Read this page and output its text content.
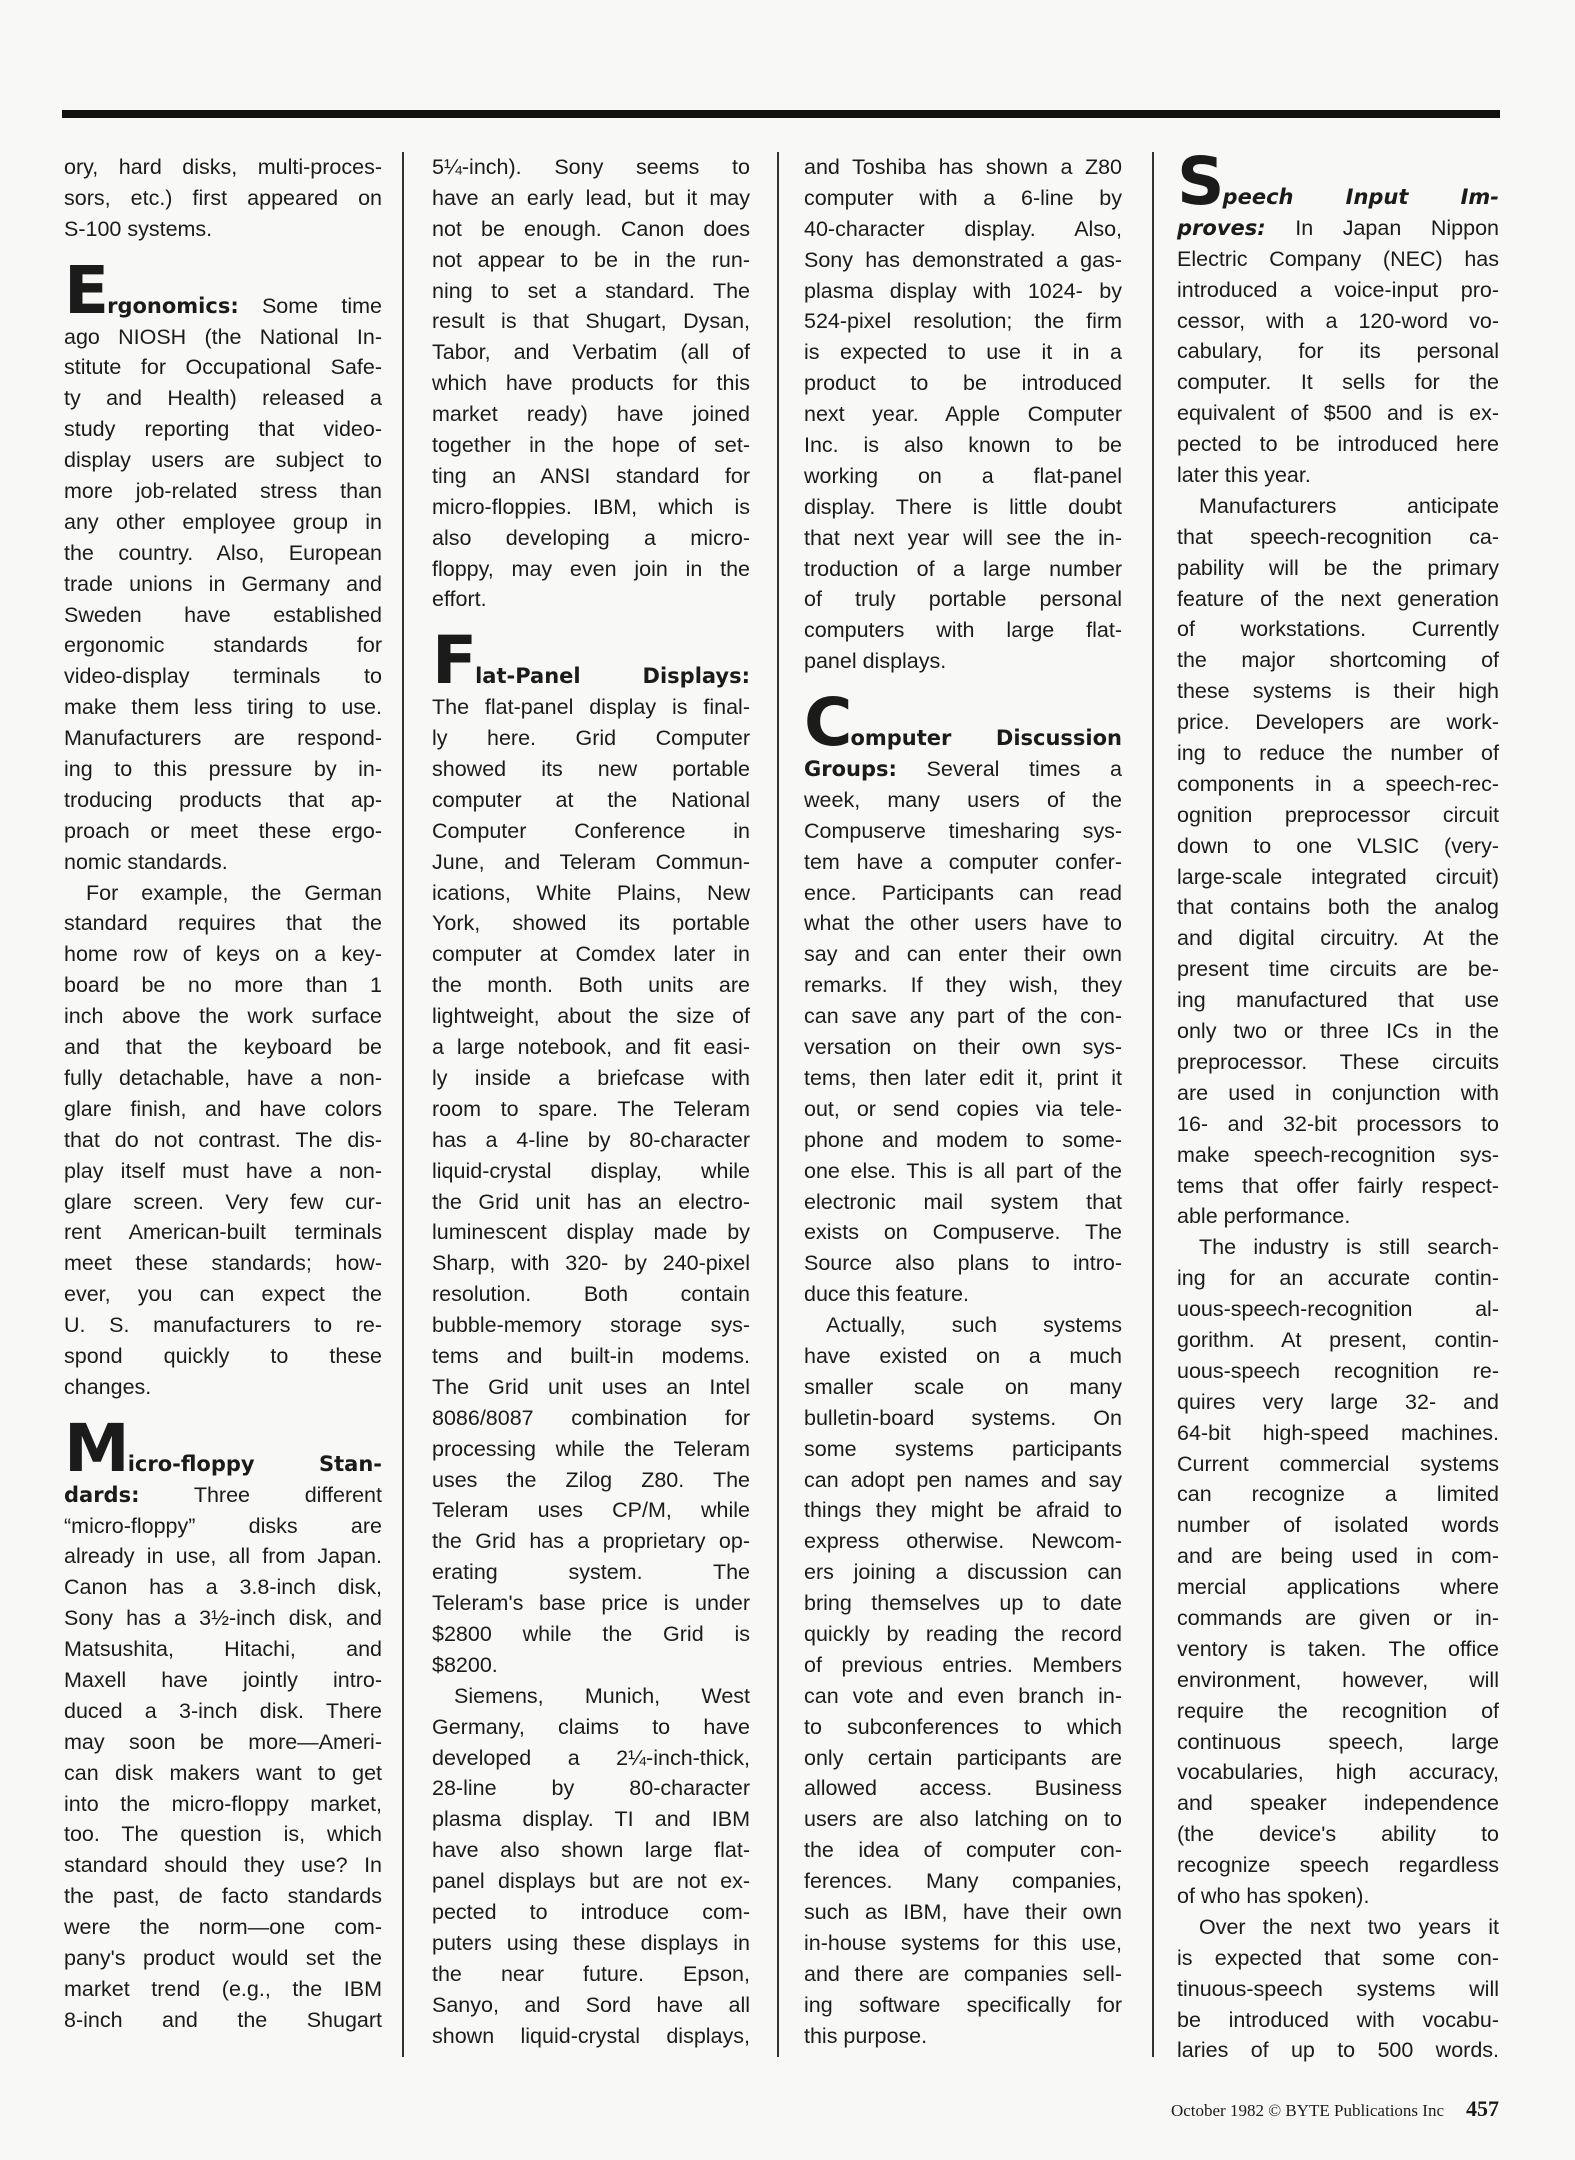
ory, hard disks, multi-proces-
sors, etc.) first appeared on
S-100 systems.
Ergonomics: Some time
ago NIOSH (the National In-
stitute for Occupational Safe-
ty and Health) released a
study reporting that video-
display users are subject to
more job-related stress than
any other employee group in
the country. Also, European
trade unions in Germany and
Sweden have established
ergonomic standards for
video-display terminals to
make them less tiring to use.
Manufacturers are respond-
ing to this pressure by in-
troducing products that ap-
proach or meet these ergo-
nomic standards.
For example, the German
standard requires that the
home row of keys on a key-
board be no more than 1
inch above the work surface
and that the keyboard be
fully detachable, have a non-
glare finish, and have colors
that do not contrast. The dis-
play itself must have a non-
glare screen. Very few cur-
rent American-built terminals
meet these standards; how-
ever, you can expect the
U. S. manufacturers to re-
spond quickly to these
changes.
Micro-floppy Stan-
dards: Three different
“micro-floppy” disks are
already in use, all from Japan.
Canon has a 3.8-inch disk,
Sony has a 3½-inch disk, and
Matsushita, Hitachi, and
Maxell have jointly intro-
duced a 3-inch disk. There
may soon be more—Ameri-
can disk makers want to get
into the micro-floppy market,
too. The question is, which
standard should they use? In
the past, de facto standards
were the norm—one com-
pany's product would set the
market trend (e.g., the IBM
8-inch and the Shugart
5¼-inch). Sony seems to
have an early lead, but it may
not be enough. Canon does
not appear to be in the run-
ning to set a standard. The
result is that Shugart, Dysan,
Tabor, and Verbatim (all of
which have products for this
market ready) have joined
together in the hope of set-
ting an ANSI standard for
micro-floppies. IBM, which is
also developing a micro-
floppy, may even join in the
effort.
Flat-Panel Displays:
The flat-panel display is final-
ly here. Grid Computer
showed its new portable
computer at the National
Computer Conference in
June, and Teleram Commun-
ications, White Plains, New
York, showed its portable
computer at Comdex later in
the month. Both units are
lightweight, about the size of
a large notebook, and fit easi-
ly inside a briefcase with
room to spare. The Teleram
has a 4-line by 80-character
liquid-crystal display, while
the Grid unit has an electro-
luminescent display made by
Sharp, with 320- by 240-pixel
resolution. Both contain
bubble-memory storage sys-
tems and built-in modems.
The Grid unit uses an Intel
8086/8087 combination for
processing while the Teleram
uses the Zilog Z80. The
Teleram uses CP/M, while
the Grid has a proprietary op-
erating system. The
Teleram's base price is under
$2800 while the Grid is
$8200.
Siemens, Munich, West
Germany, claims to have
developed a 2¼-inch-thick,
28-line by 80-character
plasma display. TI and IBM
have also shown large flat-
panel displays but are not ex-
pected to introduce com-
puters using these displays in
the near future. Epson,
Sanyo, and Sord have all
shown liquid-crystal displays,
and Toshiba has shown a Z80
computer with a 6-line by
40-character display. Also,
Sony has demonstrated a gas-
plasma display with 1024- by
524-pixel resolution; the firm
is expected to use it in a
product to be introduced
next year. Apple Computer
Inc. is also known to be
working on a flat-panel
display. There is little doubt
that next year will see the in-
troduction of a large number
of truly portable personal
computers with large flat-
panel displays.
Computer Discussion
Groups: Several times a
week, many users of the
Compuserve timesharing sys-
tem have a computer confer-
ence. Participants can read
what the other users have to
say and can enter their own
remarks. If they wish, they
can save any part of the con-
versation on their own sys-
tems, then later edit it, print it
out, or send copies via tele-
phone and modem to some-
one else. This is all part of the
electronic mail system that
exists on Compuserve. The
Source also plans to intro-
duce this feature.
Actually, such systems
have existed on a much
smaller scale on many
bulletin-board systems. On
some systems participants
can adopt pen names and say
things they might be afraid to
express otherwise. Newcom-
ers joining a discussion can
bring themselves up to date
quickly by reading the record
of previous entries. Members
can vote and even branch in-
to subconferences to which
only certain participants are
allowed access. Business
users are also latching on to
the idea of computer con-
ferences. Many companies,
such as IBM, have their own
in-house systems for this use,
and there are companies sell-
ing software specifically for
this purpose.
Speech Input Im-
proves: In Japan Nippon
Electric Company (NEC) has
introduced a voice-input pro-
cessor, with a 120-word vo-
cabulary, for its personal
computer. It sells for the
equivalent of $500 and is ex-
pected to be introduced here
later this year.
Manufacturers anticipate
that speech-recognition ca-
pability will be the primary
feature of the next generation
of workstations. Currently
the major shortcoming of
these systems is their high
price. Developers are work-
ing to reduce the number of
components in a speech-rec-
ognition preprocessor circuit
down to one VLSIC (very-
large-scale integrated circuit)
that contains both the analog
and digital circuitry. At the
present time circuits are be-
ing manufactured that use
only two or three ICs in the
preprocessor. These circuits
are used in conjunction with
16- and 32-bit processors to
make speech-recognition sys-
tems that offer fairly respect-
able performance.
The industry is still search-
ing for an accurate contin-
uous-speech-recognition al-
gorithm. At present, contin-
uous-speech recognition re-
quires very large 32- and
64-bit high-speed machines.
Current commercial systems
can recognize a limited
number of isolated words
and are being used in com-
mercial applications where
commands are given or in-
ventory is taken. The office
environment, however, will
require the recognition of
continuous speech, large
vocabularies, high accuracy,
and speaker independence
(the device's ability to
recognize speech regardless
of who has spoken).
Over the next two years it
is expected that some con-
tinuous-speech systems will
be introduced with vocabu-
laries of up to 500 words.
October 1982 © BYTE Publications Inc 457
